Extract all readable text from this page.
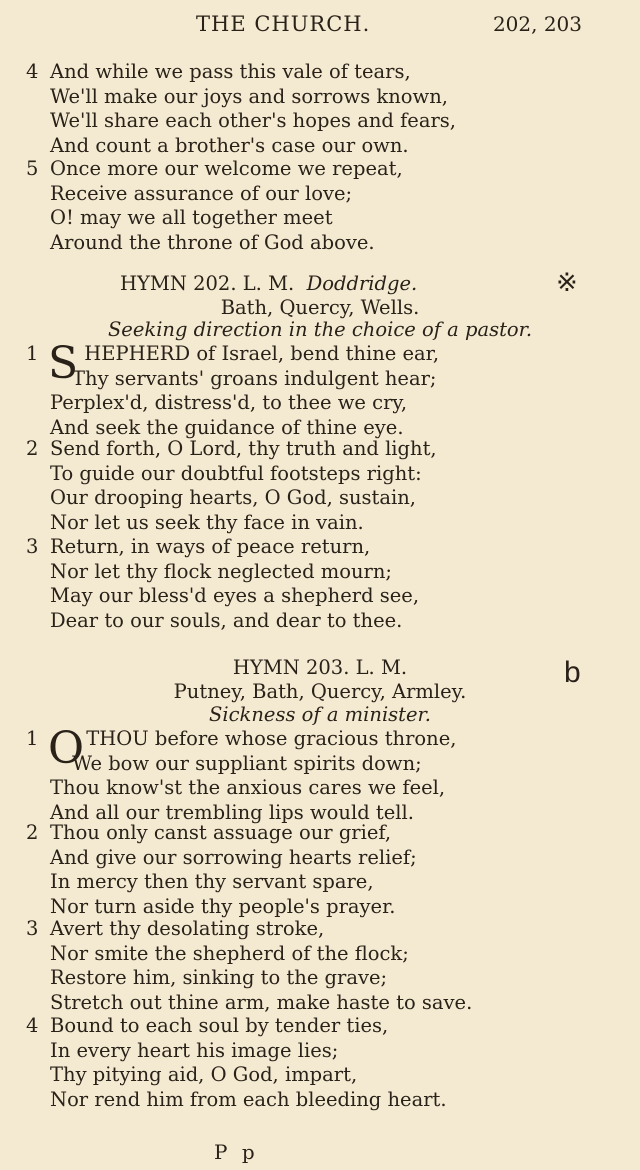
THE CHURCH.	202, 203
4 And while we pass this vale of tears,
We'll make our joys and sorrows known,
We'll share each other's hopes and fears,
And count a brother's case our own.
5 Once more our welcome we repeat,
Receive assurance of our love;
O! may we all together meet
Around the throne of God above.
HYMN 202. L. M. Doddridge.	※
Bath, Quercy, Wells.
Seeking direction in the choice of a pastor.
1 S HEPHERD of Israel, bend thine ear,
Thy servants' groans indulgent hear;
Perplex'd, distress'd, to thee we cry,
And seek the guidance of thine eye.
2 Send forth, O Lord, thy truth and light,
To guide our doubtful footsteps right:
Our drooping hearts, O God, sustain,
Nor let us seek thy face in vain.
3 Return, in ways of peace return,
Nor let thy flock neglected mourn;
May our bless'd eyes a shepherd see,
Dear to our souls, and dear to thee.
HYMN 203. L. M.	b
Putney, Bath, Quercy, Armley.
Sickness of a minister.
1 O THOU before whose gracious throne,
We bow our suppliant spirits down;
Thou know'st the anxious cares we feel,
And all our trembling lips would tell.
2 Thou only canst assuage our grief,
And give our sorrowing hearts relief;
In mercy then thy servant spare,
Nor turn aside thy people's prayer.
3 Avert thy desolating stroke,
Nor smite the shepherd of the flock;
Restore him, sinking to the grave;
Stretch out thine arm, make haste to save.
4 Bound to each soul by tender ties,
In every heart his image lies;
Thy pitying aid, O God, impart,
Nor rend him from each bleeding heart.
P p
